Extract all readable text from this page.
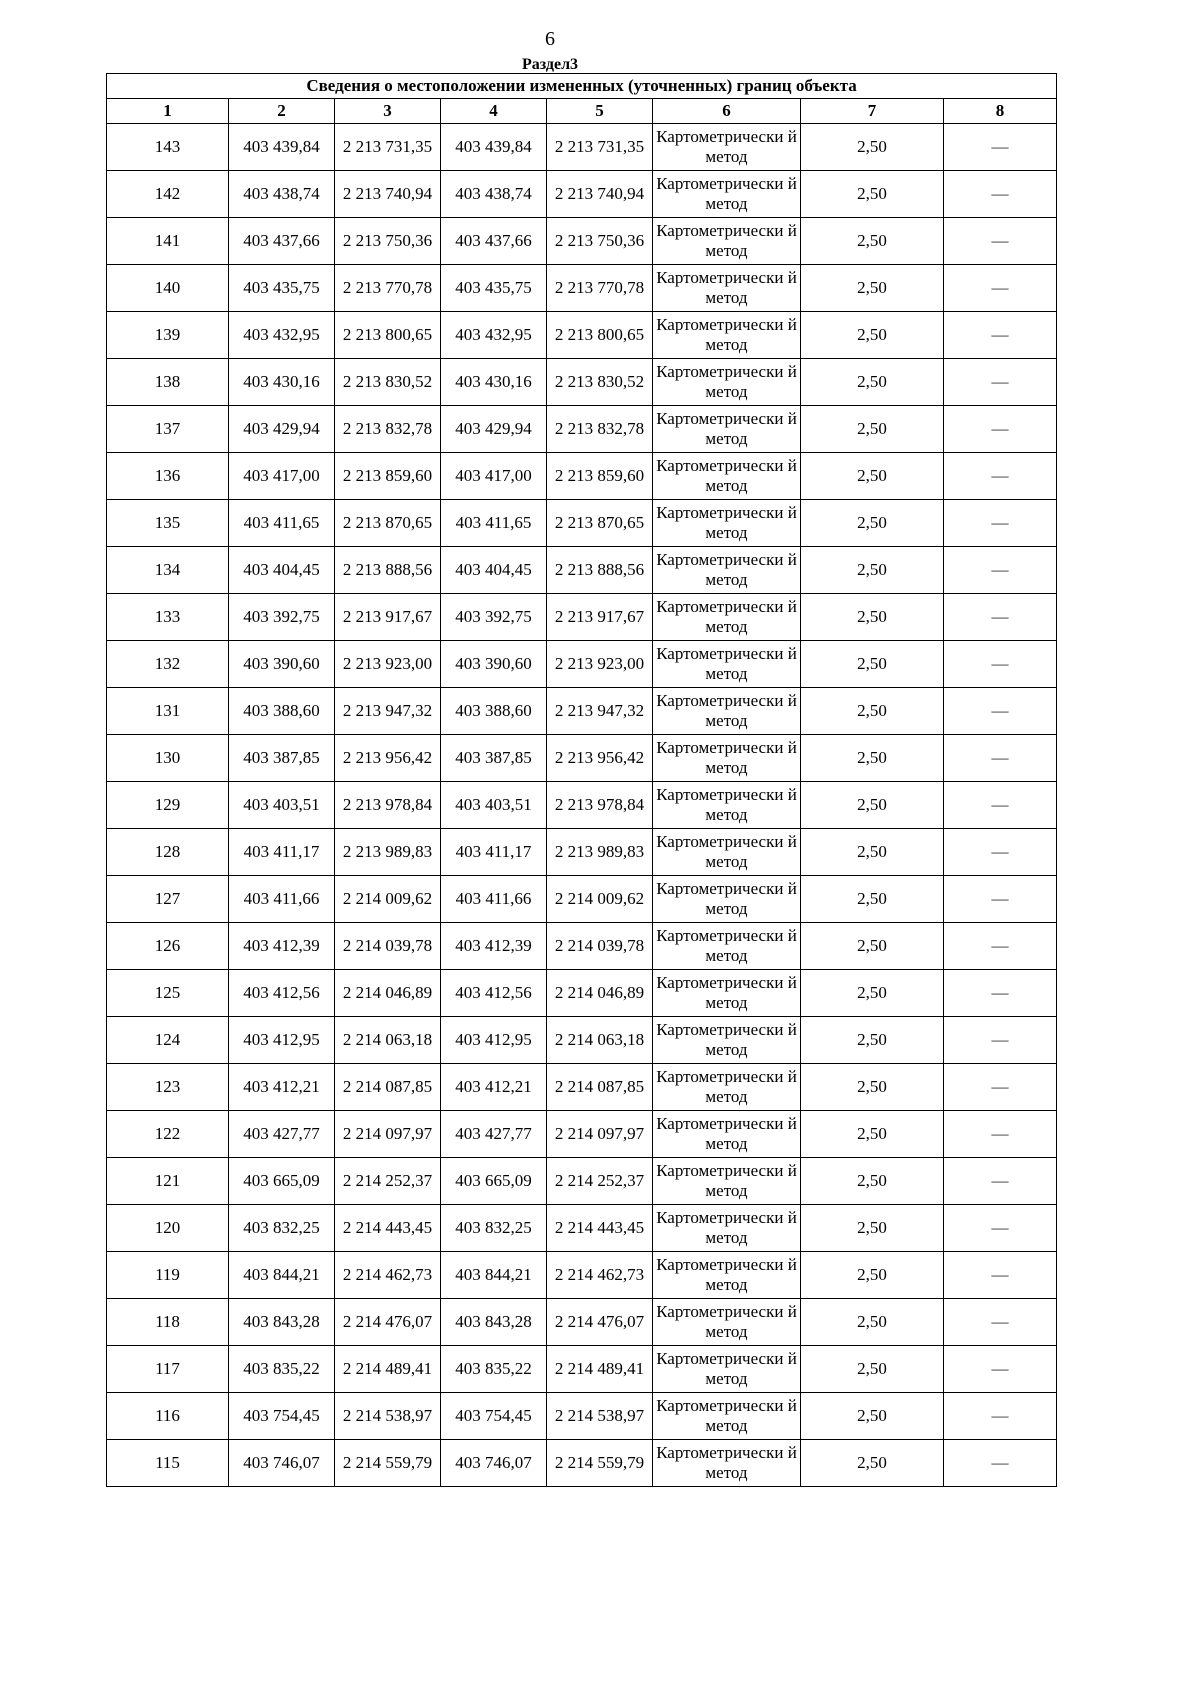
6
Раздел3
Сведения о местоположении измененных (уточненных) границ объекта							
1	2	3	4	5	6	7	8
143	403 439,84	2 213 731,35	403 439,84	2 213 731,35	Картометрически й метод	2,50	—
142	403 438,74	2 213 740,94	403 438,74	2 213 740,94	Картометрически й метод	2,50	—
141	403 437,66	2 213 750,36	403 437,66	2 213 750,36	Картометрически й метод	2,50	—
140	403 435,75	2 213 770,78	403 435,75	2 213 770,78	Картометрически й метод	2,50	—
139	403 432,95	2 213 800,65	403 432,95	2 213 800,65	Картометрически й метод	2,50	—
138	403 430,16	2 213 830,52	403 430,16	2 213 830,52	Картометрически й метод	2,50	—
137	403 429,94	2 213 832,78	403 429,94	2 213 832,78	Картометрически й метод	2,50	—
136	403 417,00	2 213 859,60	403 417,00	2 213 859,60	Картометрически й метод	2,50	—
135	403 411,65	2 213 870,65	403 411,65	2 213 870,65	Картометрически й метод	2,50	—
134	403 404,45	2 213 888,56	403 404,45	2 213 888,56	Картометрически й метод	2,50	—
133	403 392,75	2 213 917,67	403 392,75	2 213 917,67	Картометрически й метод	2,50	—
132	403 390,60	2 213 923,00	403 390,60	2 213 923,00	Картометрически й метод	2,50	—
131	403 388,60	2 213 947,32	403 388,60	2 213 947,32	Картометрически й метод	2,50	—
130	403 387,85	2 213 956,42	403 387,85	2 213 956,42	Картометрически й метод	2,50	—
129	403 403,51	2 213 978,84	403 403,51	2 213 978,84	Картометрически й метод	2,50	—
128	403 411,17	2 213 989,83	403 411,17	2 213 989,83	Картометрически й метод	2,50	—
127	403 411,66	2 214 009,62	403 411,66	2 214 009,62	Картометрически й метод	2,50	—
126	403 412,39	2 214 039,78	403 412,39	2 214 039,78	Картометрически й метод	2,50	—
125	403 412,56	2 214 046,89	403 412,56	2 214 046,89	Картометрически й метод	2,50	—
124	403 412,95	2 214 063,18	403 412,95	2 214 063,18	Картометрически й метод	2,50	—
123	403 412,21	2 214 087,85	403 412,21	2 214 087,85	Картометрически й метод	2,50	—
122	403 427,77	2 214 097,97	403 427,77	2 214 097,97	Картометрически й метод	2,50	—
121	403 665,09	2 214 252,37	403 665,09	2 214 252,37	Картометрически й метод	2,50	—
120	403 832,25	2 214 443,45	403 832,25	2 214 443,45	Картометрически й метод	2,50	—
119	403 844,21	2 214 462,73	403 844,21	2 214 462,73	Картометрически й метод	2,50	—
118	403 843,28	2 214 476,07	403 843,28	2 214 476,07	Картометрически й метод	2,50	—
117	403 835,22	2 214 489,41	403 835,22	2 214 489,41	Картометрически й метод	2,50	—
116	403 754,45	2 214 538,97	403 754,45	2 214 538,97	Картометрически й метод	2,50	—
115	403 746,07	2 214 559,79	403 746,07	2 214 559,79	Картометрически й метод	2,50	—
